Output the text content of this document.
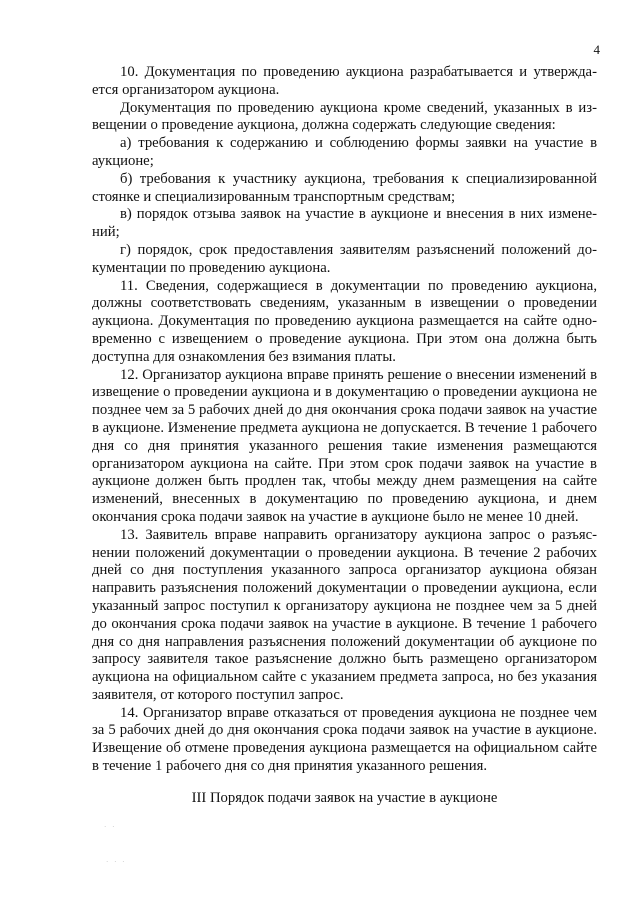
4

10. Документация по проведению аукциона разрабатывается и утверждается организатором аукциона.

Документация по проведению аукциона кроме сведений, указанных в извещении о проведение аукциона, должна содержать следующие сведения:

а) требования к содержанию и соблюдению формы заявки на участие в аукционе;

б) требования к участнику аукциона, требования к специализированной стоянке и специализированным транспортным средствам;

в) порядок отзыва заявок на участие в аукционе и внесения в них изменений;

г) порядок, срок предоставления заявителям разъяснений положений документации по проведению аукциона.

11. Сведения, содержащиеся в документации по проведению аукциона, должны соответствовать сведениям, указанным в извещении о проведении аукциона. Документация по проведению аукциона размещается на сайте одновременно с извещением о проведение аукциона. При этом она должна быть доступна для ознакомления без взимания платы.

12. Организатор аукциона вправе принять решение о внесении изменений в извещение о проведении аукциона и в документацию о проведении аукциона не позднее чем за 5 рабочих дней до дня окончания срока подачи заявок на участие в аукционе. Изменение предмета аукциона не допускается. В течение 1 рабочего дня со дня принятия указанного решения такие изменения размещаются организатором аукциона на сайте. При этом срок подачи заявок на участие в аукционе должен быть продлен так, чтобы между днем размещения на сайте изменений, внесенных в документацию по проведению аукциона, и днем окончания срока подачи заявок на участие в аукционе было не менее 10 дней.

13. Заявитель вправе направить организатору аукциона запрос о разъяснении положений документации о проведении аукциона. В течение 2 рабочих дней со дня поступления указанного запроса организатор аукциона обязан направить разъяснения положений документации о проведении аукциона, если указанный запрос поступил к организатору аукциона не позднее чем за 5 дней до окончания срока подачи заявок на участие в аукционе. В течение 1 рабочего дня со дня направления разъяснения положений документации об аукционе по запросу заявителя такое разъяснение должно быть размещено организатором аукциона на официальном сайте с указанием предмета запроса, но без указания заявителя, от которого поступил запрос.

14. Организатор вправе отказаться от проведения аукциона не позднее чем за 5 рабочих дней до дня окончания срока подачи заявок на участие в аукционе. Извещение об отмене проведения аукциона размещается на официальном сайте в течение 1 рабочего дня со дня принятия указанного решения.

III Порядок подачи заявок на участие в аукционе
· ·
· · ·
